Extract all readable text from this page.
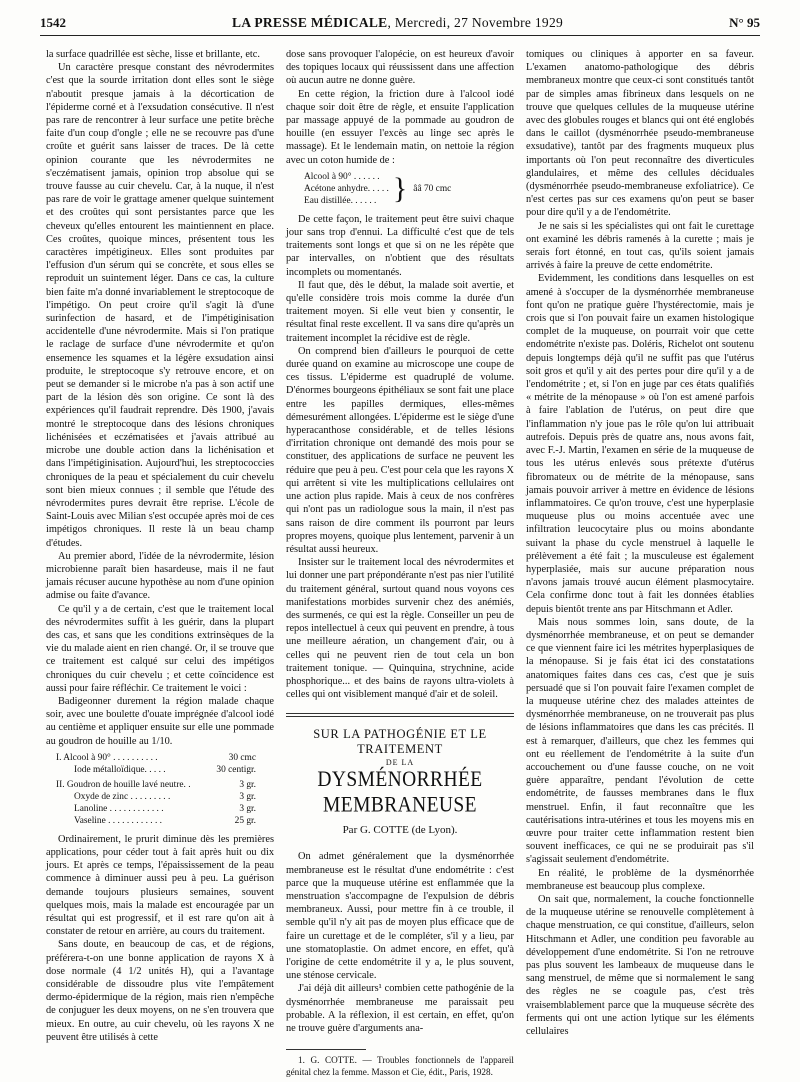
1542	LA PRESSE MÉDICALE, Mercredi, 27 Novembre 1929	N° 95

la surface quadrillée est sèche, lisse et brillante, etc.

Un caractère presque constant des névrodermites c'est que la sourde irritation dont elles sont le siège n'aboutit presque jamais à la décortication de l'épiderme corné et à l'exsudation consécutive. Il n'est pas rare de rencontrer à leur surface une petite brèche faite d'un coup d'ongle ; elle ne se recouvre pas d'une croûte et guérit sans laisser de traces. De là cette opinion courante que les névrodermites ne s'eczématisent jamais, opinion trop absolue qui se trouve fausse au cuir chevelu. Car, à la nuque, il n'est pas rare de voir le grattage amener quelque suintement et des croûtes qui sont persistantes parce que les cheveux qu'elles entourent les maintiennent en place. Ces croûtes, quoique minces, présentent tous les caractères impétigineux. Elles sont produites par l'effusion d'un sérum qui se concrète, et sous elles se reproduit un suintement léger. Dans ce cas, la culture bien faite m'a donné invariablement le streptocoque de l'impétigo. On peut croire qu'il s'agit là d'une surinfection de hasard, et de l'impétiginisation accidentelle d'une névrodermite. Mais si l'on pratique le raclage de surface d'une névrodermite et qu'on ensemence les squames et la légère exsudation ainsi produite, le streptocoque s'y retrouve encore, et on peut se demander si le microbe n'a pas à son actif une part de la lésion dès son origine. Ce sont là des expériences qu'il faudrait reprendre. Dès 1900, j'avais montré le streptocoque dans des lésions chroniques lichénisées et eczématisées et j'avais attribué au microbe une double action dans la lichénisation et dans l'impétiginisation. Aujourd'hui, les streptococcies chroniques de la peau et spécialement du cuir chevelu sont bien mieux connues ; il semble que l'étude des névrodermites pures devrait être reprise. L'école de Saint-Louis avec Milian s'est occupée après moi de ces impétigos chroniques. Il reste là un beau champ d'études.

Au premier abord, l'idée de la névrodermite, lésion microbienne paraît bien hasardeuse, mais il ne faut jamais récuser aucune hypothèse au nom d'une opinion admise ou faite d'avance.

Ce qu'il y a de certain, c'est que le traitement local des névrodermites suffit à les guérir, dans la plupart des cas, et sans que les conditions extrinsèques de la vie du malade aient en rien changé. Or, il se trouve que ce traitement est calqué sur celui des impétigos chroniques du cuir chevelu ; et cette coïncidence est aussi pour faire réfléchir. Ce traitement le voici :

Badigeonner durement la région malade chaque soir, avec une boulette d'ouate imprégnée d'alcool iodé au centième et appliquer ensuite sur elle une pommade au goudron de houille au 1/10.

I. Alcool à 90° . . . . . . . . . .	30 cmc
Iode métalloïdique. . . . .	30 centigr.
II. Goudron de houille lavé neutre. .	3 gr.
Oxyde de zinc . . . . . . . . .	3 gr.
Lanoline . . . . . . . . . . . .	3 gr.
Vaseline . . . . . . . . . . . .	25 gr.

Ordinairement, le prurit diminue dès les premières applications, pour céder tout à fait après huit ou dix jours. Et après ce temps, l'épaississement de la peau commence à diminuer aussi peu à peu. La guérison demande toujours plusieurs semaines, souvent quelques mois, mais la malade est encouragée par un résultat qui est progressif, et il est rare qu'on ait à constater de retour en arrière, au cours du traitement.

Sans doute, en beaucoup de cas, et de régions, préférera-t-on une bonne application de rayons X à dose normale (4 1/2 unités H), qui a l'avantage considérable de dissoudre plus vite l'empâtement dermo-épidermique de la région, mais rien n'empêche de conjuguer les deux moyens, on ne s'en trouvera que mieux. En outre, au cuir chevelu, où les rayons X ne peuvent être utilisés à cette

dose sans provoquer l'alopécie, on est heureux d'avoir des topiques locaux qui réussissent dans une affection où aucun autre ne donne guère.

En cette région, la friction dure à l'alcool iodé chaque soir doit être de règle, et ensuite l'application par massage appuyé de la pommade au goudron de houille (en essuyer l'excès au linge sec après le massage). Et le lendemain matin, on nettoie la région avec un coton humide de :

Alcool à 90° . . . . . .
Acétone anhydre. . . . .
Eau distillée. . . . . . } ââ 70 cmc

De cette façon, le traitement peut être suivi chaque jour sans trop d'ennui. La difficulté c'est que de tels traitements sont longs et que si on ne les répète que par intervalles, on n'obtient que des résultats incomplets ou momentanés.

Il faut que, dès le début, la malade soit avertie, et qu'elle considère trois mois comme la durée d'un traitement moyen. Si elle veut bien y consentir, le résultat final reste excellent. Il va sans dire qu'après un traitement incomplet la récidive est de règle.

On comprend bien d'ailleurs le pourquoi de cette durée quand on examine au microscope une coupe de ces tissus. L'épiderme est quadruplé de volume. D'énormes bourgeons épithéliaux se sont fait une place entre les papilles dermiques, elles-mêmes démesurément allongées. L'épiderme est le siège d'une hyperacanthose considérable, et de telles lésions d'irritation chronique ont demandé des mois pour se constituer, des applications de surface ne peuvent les réduire que peu à peu. C'est pour cela que les rayons X qui arrêtent si vite les multiplications cellulaires ont une action plus rapide. Mais à ceux de nos confrères qui n'ont pas un radiologue sous la main, il n'est pas sans raison de dire comment ils pourront par leurs propres moyens, quoique plus lentement, parvenir à un résultat aussi heureux.

Insister sur le traitement local des névrodermites et lui donner une part prépondérante n'est pas nier l'utilité du traitement général, surtout quand nous voyons ces manifestations morbides survenir chez des anémiés, des surmenés, ce qui est la règle. Conseiller un peu de repos intellectuel à ceux qui peuvent en prendre, à tous une meilleure aération, un changement d'air, ou à celles qui ne peuvent rien de tout cela un bon traitement tonique. — Quinquina, strychnine, acide phosphorique... et des bains de rayons ultra-violets à celles qui ont visiblement manqué d'air et de soleil.

SUR LA PATHOGÉNIE ET LE TRAITEMENT
DE LA
DYSMÉNORRHÉE MEMBRANEUSE
Par G. COTTE (de Lyon).

On admet généralement que la dysménorrhée membraneuse est le résultat d'une endométrite : c'est parce que la muqueuse utérine est enflammée que la menstruation s'accompagne de l'expulsion de débris membraneux. Aussi, pour mettre fin à ce trouble, il semble qu'il n'y ait pas de moyen plus efficace que de faire un curettage et de le compléter, s'il y a lieu, par une stomatoplastie. On admet encore, en effet, qu'à l'origine de cette endométrite il y a, le plus souvent, une sténose cervicale.

J'ai déjà dit ailleurs¹ combien cette pathogénie de la dysménorrhée membraneuse me paraissait peu probable. A la réflexion, il est certain, en effet, qu'on ne trouve guère d'arguments ana-

1. G. COTTE. — Troubles fonctionnels de l'appareil génital chez la femme. Masson et Cie, édit., Paris, 1928.

tomiques ou cliniques à apporter en sa faveur. L'examen anatomo-pathologique des débris membraneux montre que ceux-ci sont constitués tantôt par de simples amas fibrineux dans lesquels on ne trouve que quelques cellules de la muqueuse utérine avec des globules rouges et blancs qui ont été englobés dans le caillot (dysménorrhée pseudo-membraneuse exsudative), tantôt par des fragments muqueux plus importants où l'on peut reconnaître des diverticules glandulaires, et même des cellules déciduales (dysménorrhée pseudo-membraneuse exfoliatrice). Ce n'est certes pas sur ces examens qu'on peut se baser pour dire qu'il y a de l'endométrite.

Je ne sais si les spécialistes qui ont fait le curettage ont examiné les débris ramenés à la curette ; mais je serais fort étonné, en tout cas, qu'ils soient jamais arrivés à faire la preuve de cette endométrite.

Evidemment, les conditions dans lesquelles on est amené à s'occuper de la dysménorrhée membraneuse font qu'on ne pratique guère l'hystérectomie, mais je crois que si l'on pouvait faire un examen histologique complet de la muqueuse, on pourrait voir que cette endométrite n'existe pas. Doléris, Richelot ont soutenu depuis longtemps déjà qu'il ne suffit pas que l'utérus soit gros et qu'il y ait des pertes pour dire qu'il y a de l'endométrite ; et, si l'on en juge par ces états qualifiés « métrite de la ménopause » où l'on est amené parfois à faire l'ablation de l'utérus, on peut dire que l'inflammation n'y joue pas le rôle qu'on lui attribuait autrefois. Depuis près de quatre ans, nous avons fait, avec F.-J. Martin, l'examen en série de la muqueuse de tous les utérus enlevés sous prétexte d'utérus fibromateux ou de métrite de la ménopause, sans jamais pouvoir arriver à mettre en évidence de lésions inflammatoires. Ce qu'on trouve, c'est une hyperplasie muqueuse plus ou moins accentuée avec une infiltration leucocytaire plus ou moins abondante suivant la phase du cycle menstruel à laquelle le prélèvement a été fait ; la musculeuse est également hyperplasiée, mais sur aucune préparation nous n'avons jamais trouvé aucun élément plasmocytaire. Cela confirme donc tout à fait les données établies depuis bientôt trente ans par Hitschmann et Adler.

Mais nous sommes loin, sans doute, de la dysménorrhée membraneuse, et on peut se demander ce que viennent faire ici les métrites hyperplasiques de la ménopause. Si je fais état ici des constatations anatomiques faites dans ces cas, c'est que je suis persuadé que si l'on pouvait faire l'examen complet de la muqueuse utérine chez des malades atteintes de dysménorrhée membraneuse, on ne trouverait pas plus de lésions inflammatoires que dans les cas précités. Il est à remarquer, d'ailleurs, que chez les femmes qui ont eu réellement de l'endométrite à la suite d'un accouchement ou d'une fausse couche, on ne voit guère apparaître, pendant l'évolution de cette endométrite, de fausses membranes dans le flux menstruel. Enfin, il faut reconnaître que les cautérisations intra-utérines et tous les moyens mis en œuvre pour traiter cette inflammation restent bien souvent inefficaces, ce qui ne se produirait pas s'il s'agissait seulement d'endométrite.

En réalité, le problème de la dysménorrhée membraneuse est beaucoup plus complexe.

On sait que, normalement, la couche fonctionnelle de la muqueuse utérine se renouvelle complètement à chaque menstruation, ce qui constitue, d'ailleurs, selon Hitschmann et Adler, une condition peu favorable au développement d'une endométrite. Si l'on ne retrouve pas plus souvent les lambeaux de muqueuse dans le sang menstruel, de même que si normalement le sang des règles ne se coagule pas, c'est très vraisemblablement parce que la muqueuse sécrète des ferments qui ont une action lytique sur les éléments cellulaires
